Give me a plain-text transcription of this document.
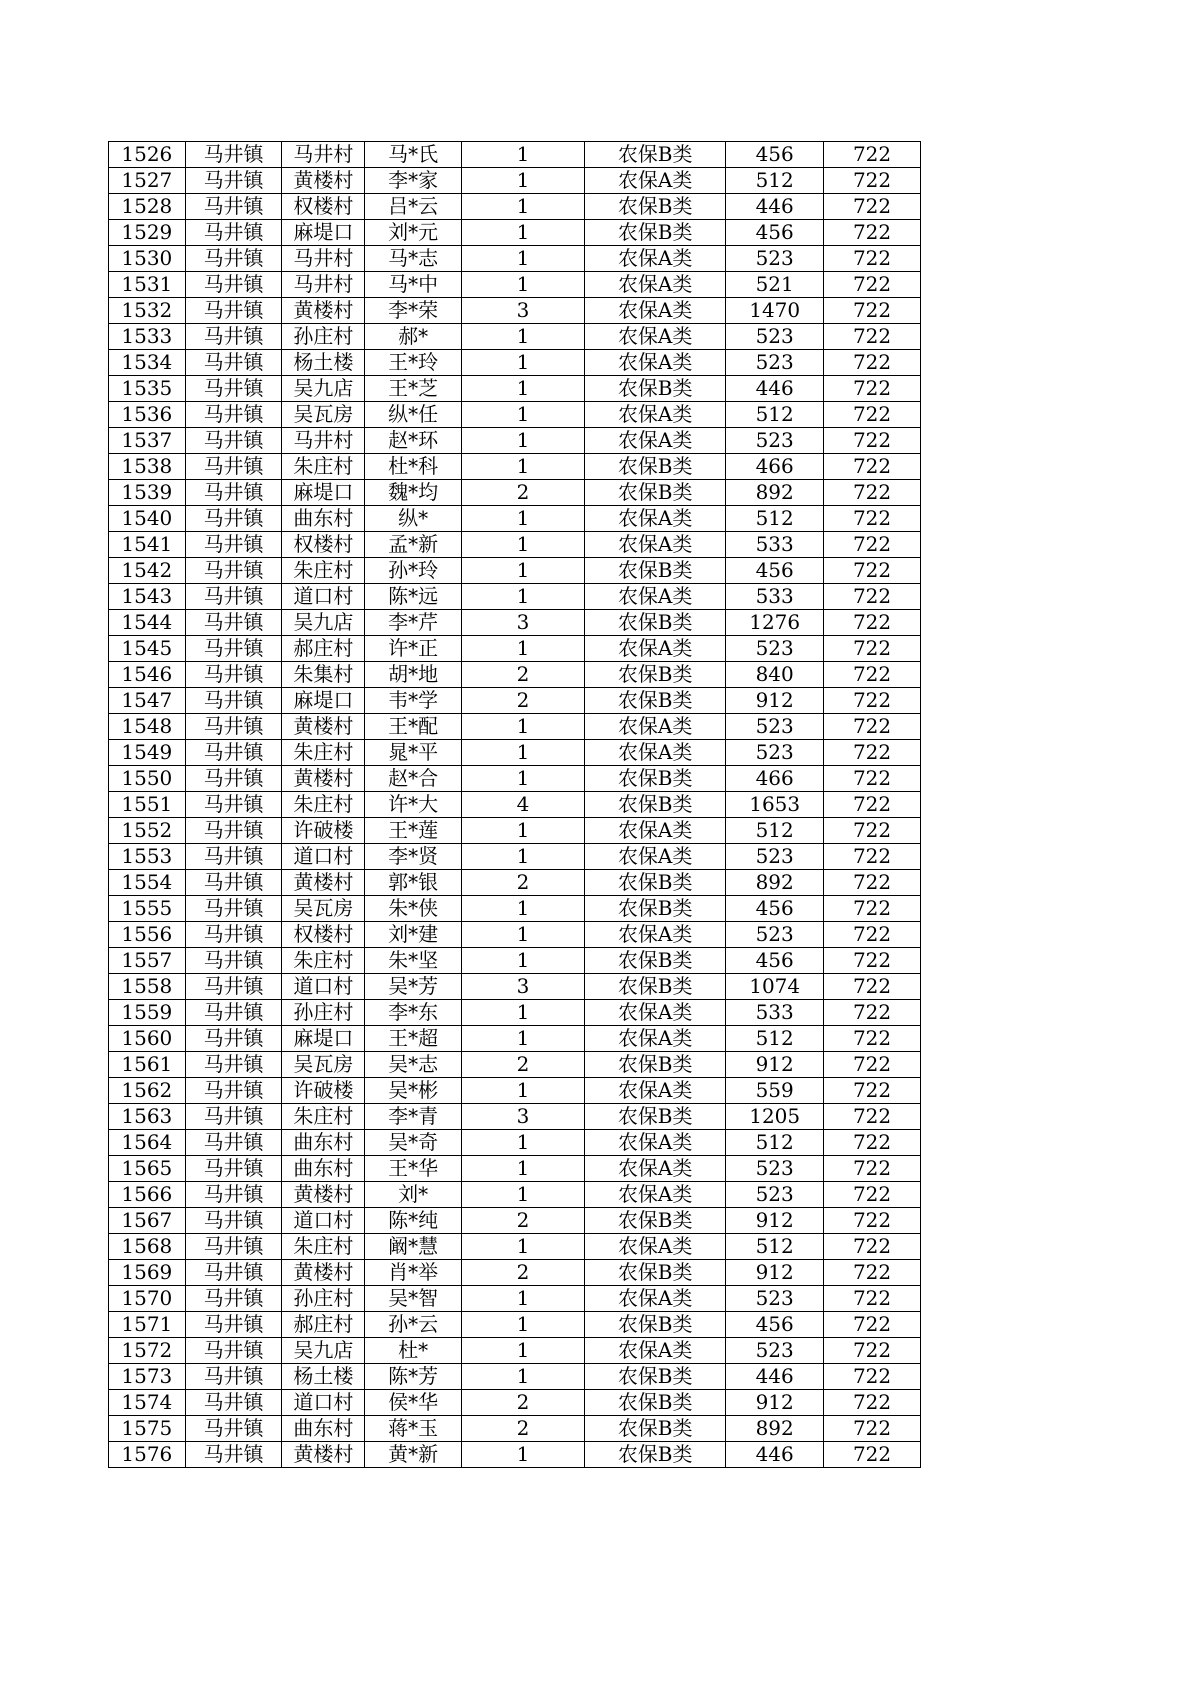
1526	马井镇	马井村	马*氏	1	农保B类	456	722
1527	马井镇	黄楼村	李*家	1	农保A类	512	722
1528	马井镇	权楼村	吕*云	1	农保B类	446	722
1529	马井镇	麻堤口	刘*元	1	农保B类	456	722
1530	马井镇	马井村	马*志	1	农保A类	523	722
1531	马井镇	马井村	马*中	1	农保A类	521	722
1532	马井镇	黄楼村	李*荣	3	农保A类	1470	722
1533	马井镇	孙庄村	郝*	1	农保A类	523	722
1534	马井镇	杨土楼	王*玲	1	农保A类	523	722
1535	马井镇	吴九店	王*芝	1	农保B类	446	722
1536	马井镇	吴瓦房	纵*任	1	农保A类	512	722
1537	马井镇	马井村	赵*环	1	农保A类	523	722
1538	马井镇	朱庄村	杜*科	1	农保B类	466	722
1539	马井镇	麻堤口	魏*均	2	农保B类	892	722
1540	马井镇	曲东村	纵*	1	农保A类	512	722
1541	马井镇	权楼村	孟*新	1	农保A类	533	722
1542	马井镇	朱庄村	孙*玲	1	农保B类	456	722
1543	马井镇	道口村	陈*远	1	农保A类	533	722
1544	马井镇	吴九店	李*芹	3	农保B类	1276	722
1545	马井镇	郝庄村	许*正	1	农保A类	523	722
1546	马井镇	朱集村	胡*地	2	农保B类	840	722
1547	马井镇	麻堤口	韦*学	2	农保B类	912	722
1548	马井镇	黄楼村	王*配	1	农保A类	523	722
1549	马井镇	朱庄村	晁*平	1	农保A类	523	722
1550	马井镇	黄楼村	赵*合	1	农保B类	466	722
1551	马井镇	朱庄村	许*大	4	农保B类	1653	722
1552	马井镇	许破楼	王*莲	1	农保A类	512	722
1553	马井镇	道口村	李*贤	1	农保A类	523	722
1554	马井镇	黄楼村	郭*银	2	农保B类	892	722
1555	马井镇	吴瓦房	朱*侠	1	农保B类	456	722
1556	马井镇	权楼村	刘*建	1	农保A类	523	722
1557	马井镇	朱庄村	朱*坚	1	农保B类	456	722
1558	马井镇	道口村	吴*芳	3	农保B类	1074	722
1559	马井镇	孙庄村	李*东	1	农保A类	533	722
1560	马井镇	麻堤口	王*超	1	农保A类	512	722
1561	马井镇	吴瓦房	吴*志	2	农保B类	912	722
1562	马井镇	许破楼	吴*彬	1	农保A类	559	722
1563	马井镇	朱庄村	李*青	3	农保B类	1205	722
1564	马井镇	曲东村	吴*奇	1	农保A类	512	722
1565	马井镇	曲东村	王*华	1	农保A类	523	722
1566	马井镇	黄楼村	刘*	1	农保A类	523	722
1567	马井镇	道口村	陈*纯	2	农保B类	912	722
1568	马井镇	朱庄村	阚*慧	1	农保A类	512	722
1569	马井镇	黄楼村	肖*举	2	农保B类	912	722
1570	马井镇	孙庄村	吴*智	1	农保A类	523	722
1571	马井镇	郝庄村	孙*云	1	农保B类	456	722
1572	马井镇	吴九店	杜*	1	农保A类	523	722
1573	马井镇	杨土楼	陈*芳	1	农保B类	446	722
1574	马井镇	道口村	侯*华	2	农保B类	912	722
1575	马井镇	曲东村	蒋*玉	2	农保B类	892	722
1576	马井镇	黄楼村	黄*新	1	农保B类	446	722
